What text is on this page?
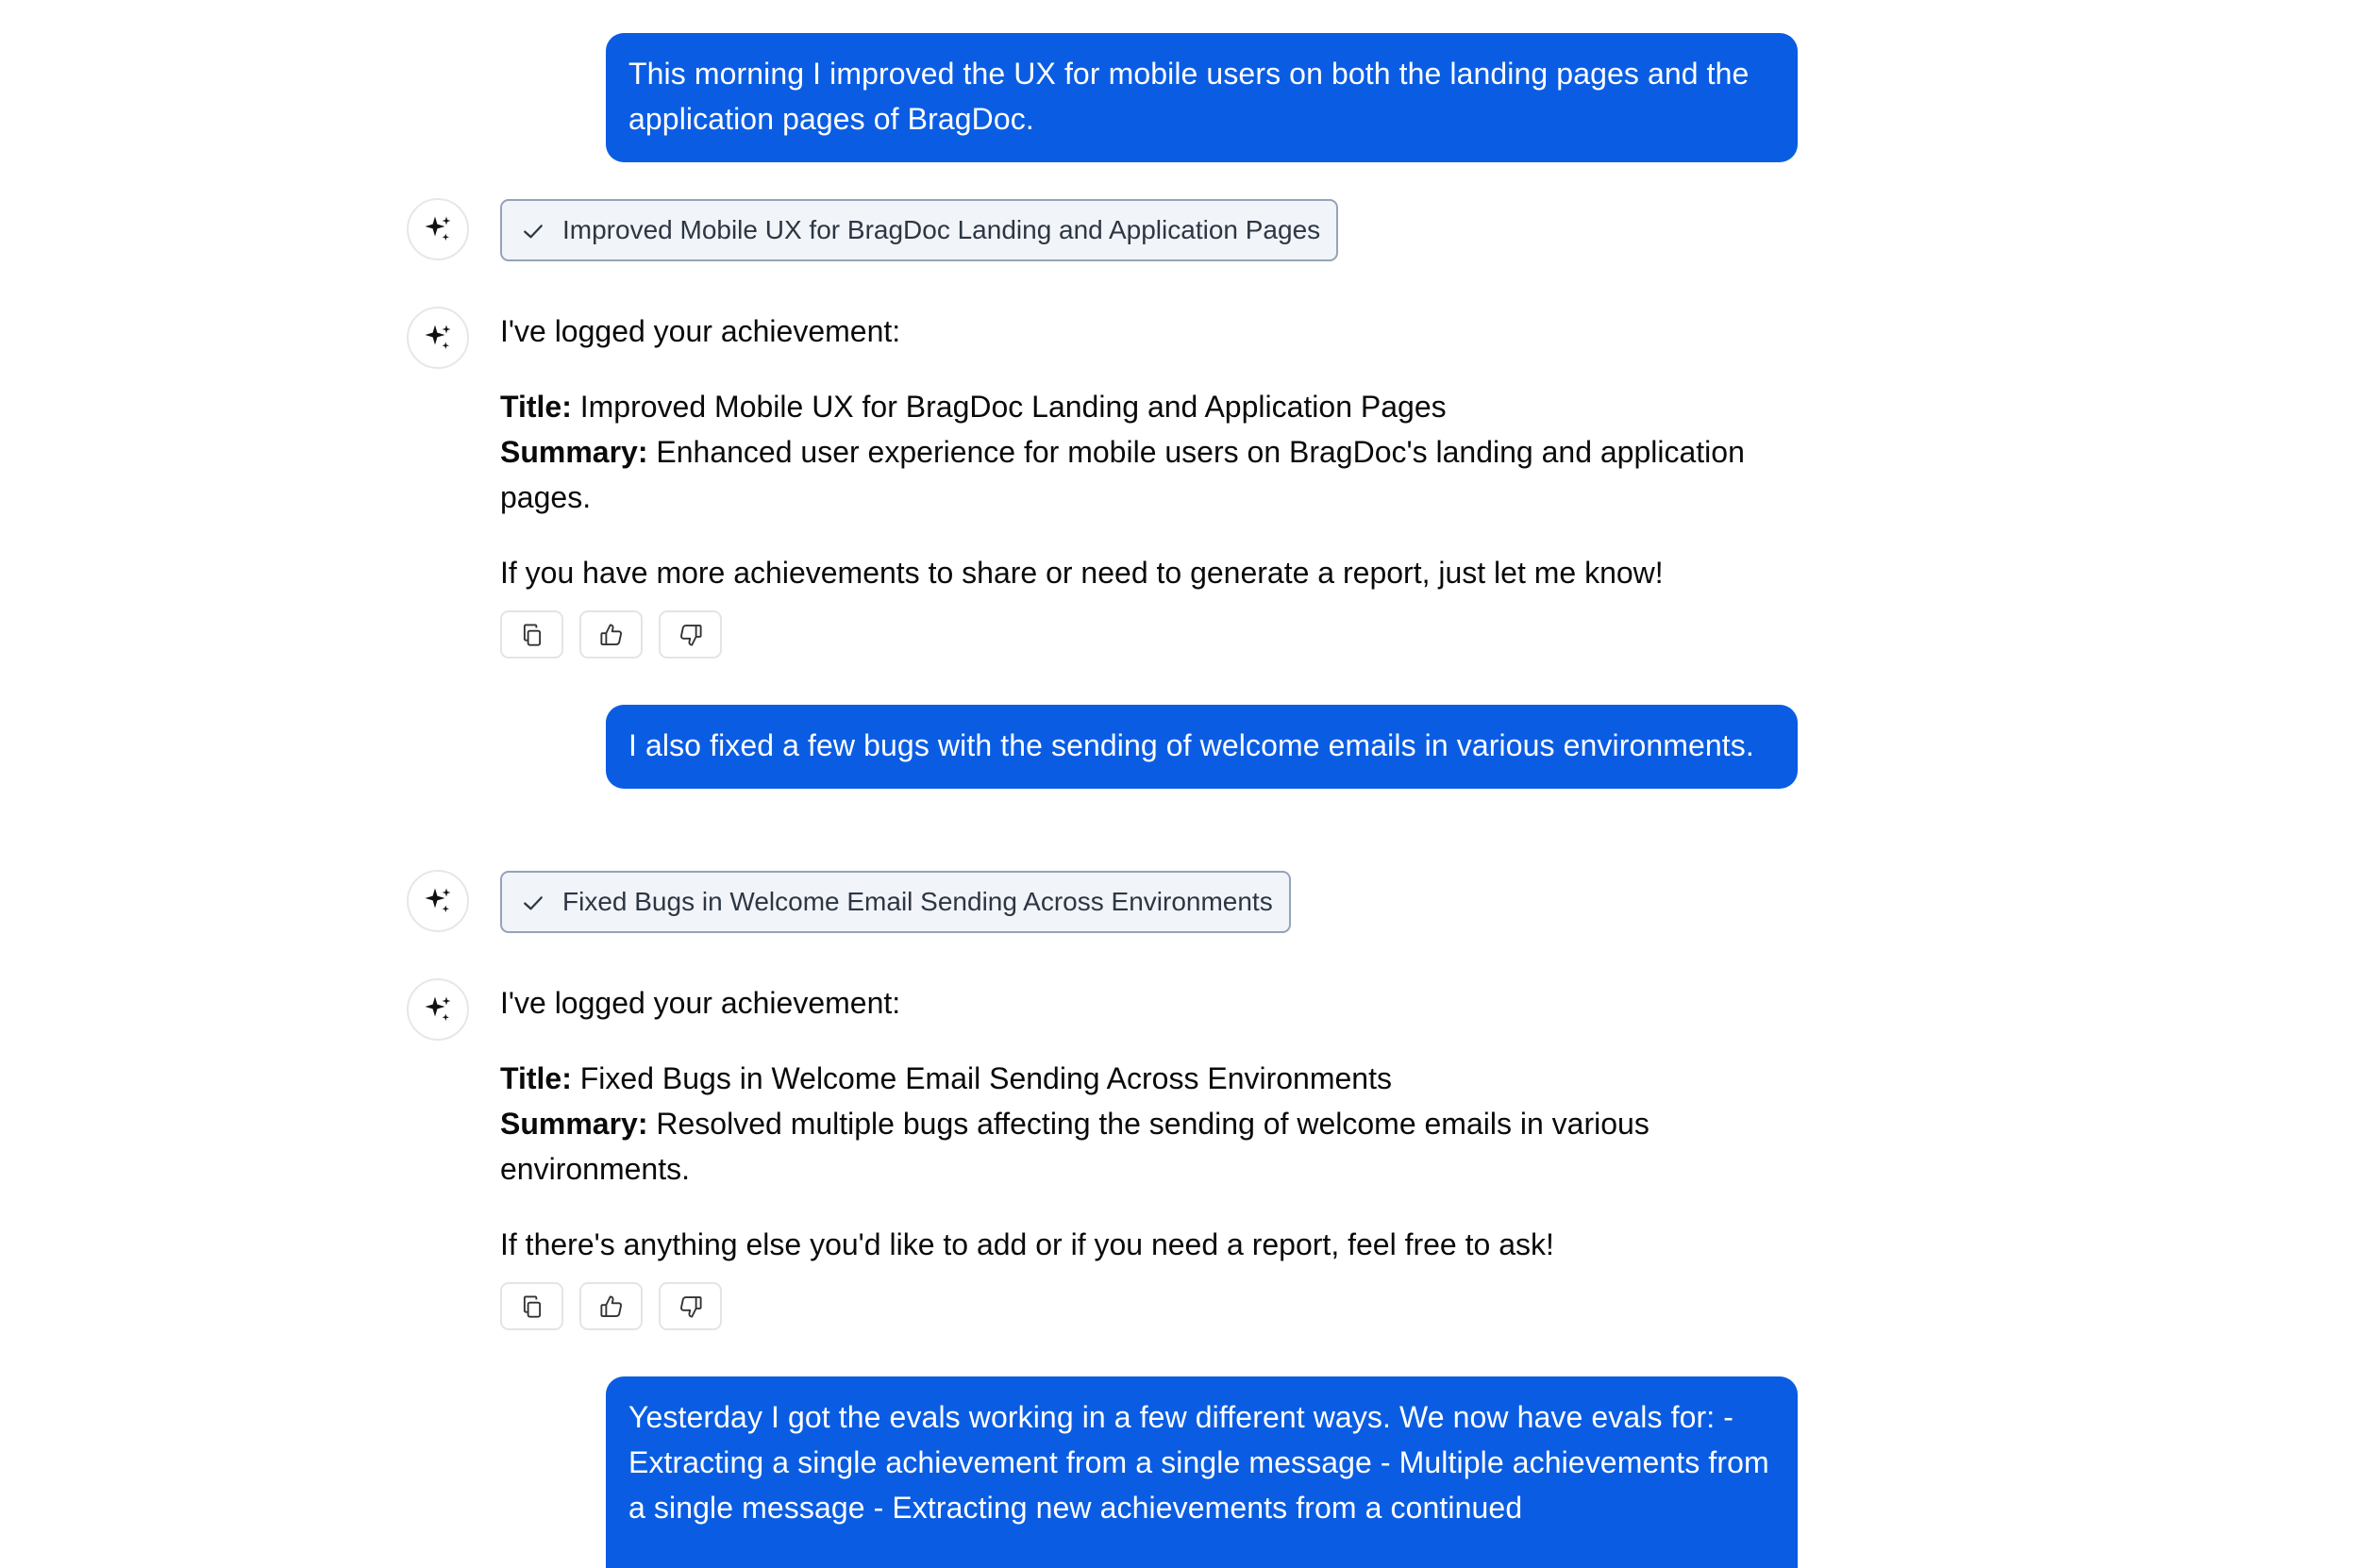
This morning I improved the UX for mobile users on both the landing pages and the application pages of BragDoc.
Improved Mobile UX for BragDoc Landing and Application Pages

I've logged your achievement:

Title: Improved Mobile UX for BragDoc Landing and Application Pages

Summary: Enhanced user experience for mobile users on BragDoc's landing and application pages.

If you have more achievements to share or need to generate a report, just let me know!

I also fixed a few bugs with the sending of welcome emails in various environments.
Fixed Bugs in Welcome Email Sending Across Environments

I've logged your achievement:

Title: Fixed Bugs in Welcome Email Sending Across Environments

Summary: Resolved multiple bugs affecting the sending of welcome emails in various environments.

If there's anything else you'd like to add or if you need a report, feel free to ask!

Yesterday I got the evals working in a few different ways. We now have evals for: - Extracting a single achievement from a single message - Multiple achievements from a single message - Extracting new achievements from a continued
